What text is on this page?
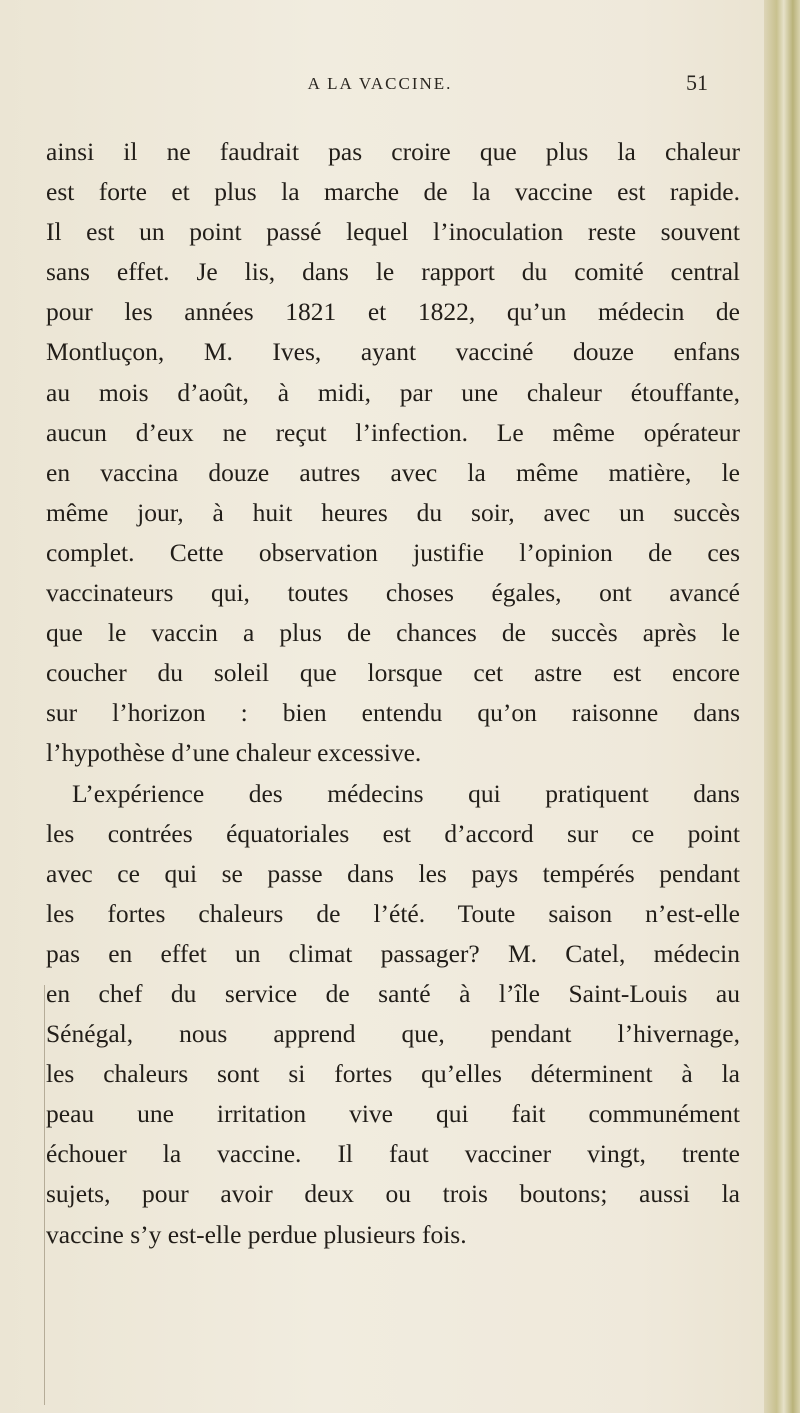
A LA VACCINE.	51
ainsi il ne faudrait pas croire que plus la chaleur
est forte et plus la marche de la vaccine est rapide.
Il est un point passé lequel l’inoculation reste souvent
sans effet. Je lis, dans le rapport du comité central
pour les années 1821 et 1822, qu’un médecin de
Montluçon, M. Ives, ayant vacciné douze enfans
au mois d’août, à midi, par une chaleur étouffante,
aucun d’eux ne reçut l’infection. Le même opérateur
en vaccina douze autres avec la même matière, le
même jour, à huit heures du soir, avec un succès
complet. Cette observation justifie l’opinion de ces
vaccinateurs qui, toutes choses égales, ont avancé
que le vaccin a plus de chances de succès après le
coucher du soleil que lorsque cet astre est encore
sur l’horizon : bien entendu qu’on raisonne dans
l’hypothèse d’une chaleur excessive.
L’expérience des médecins qui pratiquent dans
les contrées équatoriales est d’accord sur ce point
avec ce qui se passe dans les pays tempérés pendant
les fortes chaleurs de l’été. Toute saison n’est-elle
pas en effet un climat passager? M. Catel, médecin
en chef du service de santé à l’île Saint-Louis au
Sénégal, nous apprend que, pendant l’hivernage,
les chaleurs sont si fortes qu’elles déterminent à la
peau une irritation vive qui fait communément
échouer la vaccine. Il faut vacciner vingt, trente
sujets, pour avoir deux ou trois boutons; aussi la
vaccine s’y est-elle perdue plusieurs fois.
